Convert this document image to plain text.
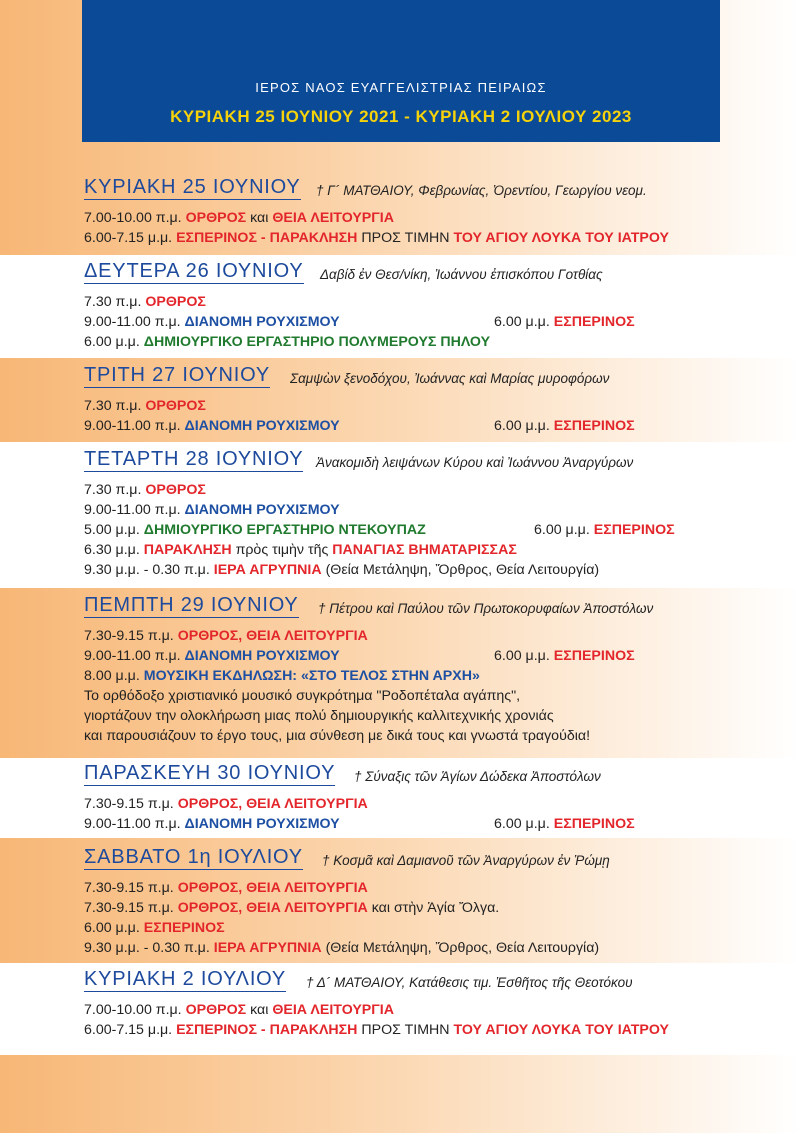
ΙΕΡΟΣ ΝΑΟΣ ΕΥΑΓΓΕΛΙΣΤΡΙΑΣ ΠΕΙΡΑΙΩΣ
ΚΥΡΙΑΚΗ 25 ΙΟΥΝΙΟΥ 2021 - ΚΥΡΙΑΚΗ 2 ΙΟΥΛΙΟΥ 2023
ΚΥΡΙΑΚΗ 25 ΙΟΥΝΙΟΥ † Γ´ ΜΑΤΘΑΙΟΥ, Φεβρωνίας, Ὀρεντίου, Γεωργίου νεομ.
7.00-10.00 π.μ. ΟΡΘΡΟΣ και ΘΕΙΑ ΛΕΙΤΟΥΡΓΙΑ
6.00-7.15 μ.μ. ΕΣΠΕΡΙΝΟΣ - ΠΑΡΑΚΛΗΣΗ ΠΡΟΣ ΤΙΜΗΝ ΤΟΥ ΑΓΙΟΥ ΛΟΥΚΑ ΤΟΥ ΙΑΤΡΟΥ
ΔΕΥΤΕΡΑ 26 ΙΟΥΝΙΟΥ Δαβίδ ἐν Θεσ/νίκη, Ἰωάννου ἐπισκόπου Γοτθίας
7.30 π.μ. ΟΡΘΡΟΣ
9.00-11.00 π.μ. ΔΙΑΝΟΜΗ ΡΟΥΧΙΣΜΟΥ	6.00 μ.μ. ΕΣΠΕΡΙΝΟΣ
6.00 μ.μ. ΔΗΜΙΟΥΡΓΙΚΟ ΕΡΓΑΣΤΗΡΙΟ ΠΟΛΥΜΕΡΟΥΣ ΠΗΛΟΥ
ΤΡΙΤΗ 27 ΙΟΥΝΙΟΥ Σαμψὼν ξενοδόχου, Ἰωάννας καὶ Μαρίας μυροφόρων
7.30 π.μ. ΟΡΘΡΟΣ
9.00-11.00 π.μ. ΔΙΑΝΟΜΗ ΡΟΥΧΙΣΜΟΥ	6.00 μ.μ. ΕΣΠΕΡΙΝΟΣ
ΤΕΤΑΡΤΗ 28 ΙΟΥΝΙΟΥ Ἀνακομιδὴ λειψάνων Κύρου καὶ Ἰωάννου Ἀναργύρων
7.30 π.μ. ΟΡΘΡΟΣ
9.00-11.00 π.μ. ΔΙΑΝΟΜΗ ΡΟΥΧΙΣΜΟΥ
5.00 μ.μ. ΔΗΜΙΟΥΡΓΙΚΟ ΕΡΓΑΣΤΗΡΙΟ ΝΤΕΚΟΥΠΑΖ	6.00 μ.μ. ΕΣΠΕΡΙΝΟΣ
6.30 μ.μ. ΠΑΡΑΚΛΗΣΗ πρὸς τιμὴν τῆς ΠΑΝΑΓΙΑΣ ΒΗΜΑΤΑΡΙΣΣΑΣ
9.30 μ.μ. - 0.30 π.μ. ΙΕΡΑ ΑΓΡΥΠΝΙΑ (Θεία Μετάληψη, Ὄρθρος, Θεία Λειτουργία)
ΠΕΜΠΤΗ 29 ΙΟΥΝΙΟΥ † Πέτρου καὶ Παύλου τῶν Πρωτοκορυφαίων Ἀποστόλων
7.30-9.15 π.μ. ΟΡΘΡΟΣ, ΘΕΙΑ ΛΕΙΤΟΥΡΓΙΑ
9.00-11.00 π.μ. ΔΙΑΝΟΜΗ ΡΟΥΧΙΣΜΟΥ	6.00 μ.μ. ΕΣΠΕΡΙΝΟΣ
8.00 μ.μ. ΜΟΥΣΙΚΗ ΕΚΔΗΛΩΣΗ: «ΣΤΟ ΤΕΛΟΣ ΣΤΗΝ ΑΡΧΗ»
Το ορθόδοξο χριστιανικό μουσικό συγκρότημα "Ροδοπέταλα αγάπης",
γιορτάζουν την ολοκλήρωση μιας πολύ δημιουργικής καλλιτεχνικής χρονιάς
και παρουσιάζουν το έργο τους, μια σύνθεση με δικά τους και γνωστά τραγούδια!
ΠΑΡΑΣΚΕΥΗ 30 ΙΟΥΝΙΟΥ † Σύναξις τῶν Ἁγίων Δώδεκα Ἀποστόλων
7.30-9.15 π.μ. ΟΡΘΡΟΣ, ΘΕΙΑ ΛΕΙΤΟΥΡΓΙΑ
9.00-11.00 π.μ. ΔΙΑΝΟΜΗ ΡΟΥΧΙΣΜΟΥ	6.00 μ.μ. ΕΣΠΕΡΙΝΟΣ
ΣΑΒΒΑΤΟ 1η ΙΟΥΛΙΟΥ † Κοσμᾶ καὶ Δαμιανοῦ τῶν Ἀναργύρων ἐν Ῥώμῃ
7.30-9.15 π.μ. ΟΡΘΡΟΣ, ΘΕΙΑ ΛΕΙΤΟΥΡΓΙΑ
7.30-9.15 π.μ. ΟΡΘΡΟΣ, ΘΕΙΑ ΛΕΙΤΟΥΡΓΙΑ και στὴν Ἁγία Ὄλγα.
6.00 μ.μ. ΕΣΠΕΡΙΝΟΣ
9.30 μ.μ. - 0.30 π.μ. ΙΕΡΑ ΑΓΡΥΠΝΙΑ (Θεία Μετάληψη, Ὄρθρος, Θεία Λειτουργία)
ΚΥΡΙΑΚΗ 2 ΙΟΥΛΙΟΥ † Δ´ ΜΑΤΘΑΙΟΥ, Κατάθεσις τιμ. Ἐσθῆτος τῆς Θεοτόκου
7.00-10.00 π.μ. ΟΡΘΡΟΣ και ΘΕΙΑ ΛΕΙΤΟΥΡΓΙΑ
6.00-7.15 μ.μ. ΕΣΠΕΡΙΝΟΣ - ΠΑΡΑΚΛΗΣΗ ΠΡΟΣ ΤΙΜΗΝ ΤΟΥ ΑΓΙΟΥ ΛΟΥΚΑ ΤΟΥ ΙΑΤΡΟΥ
